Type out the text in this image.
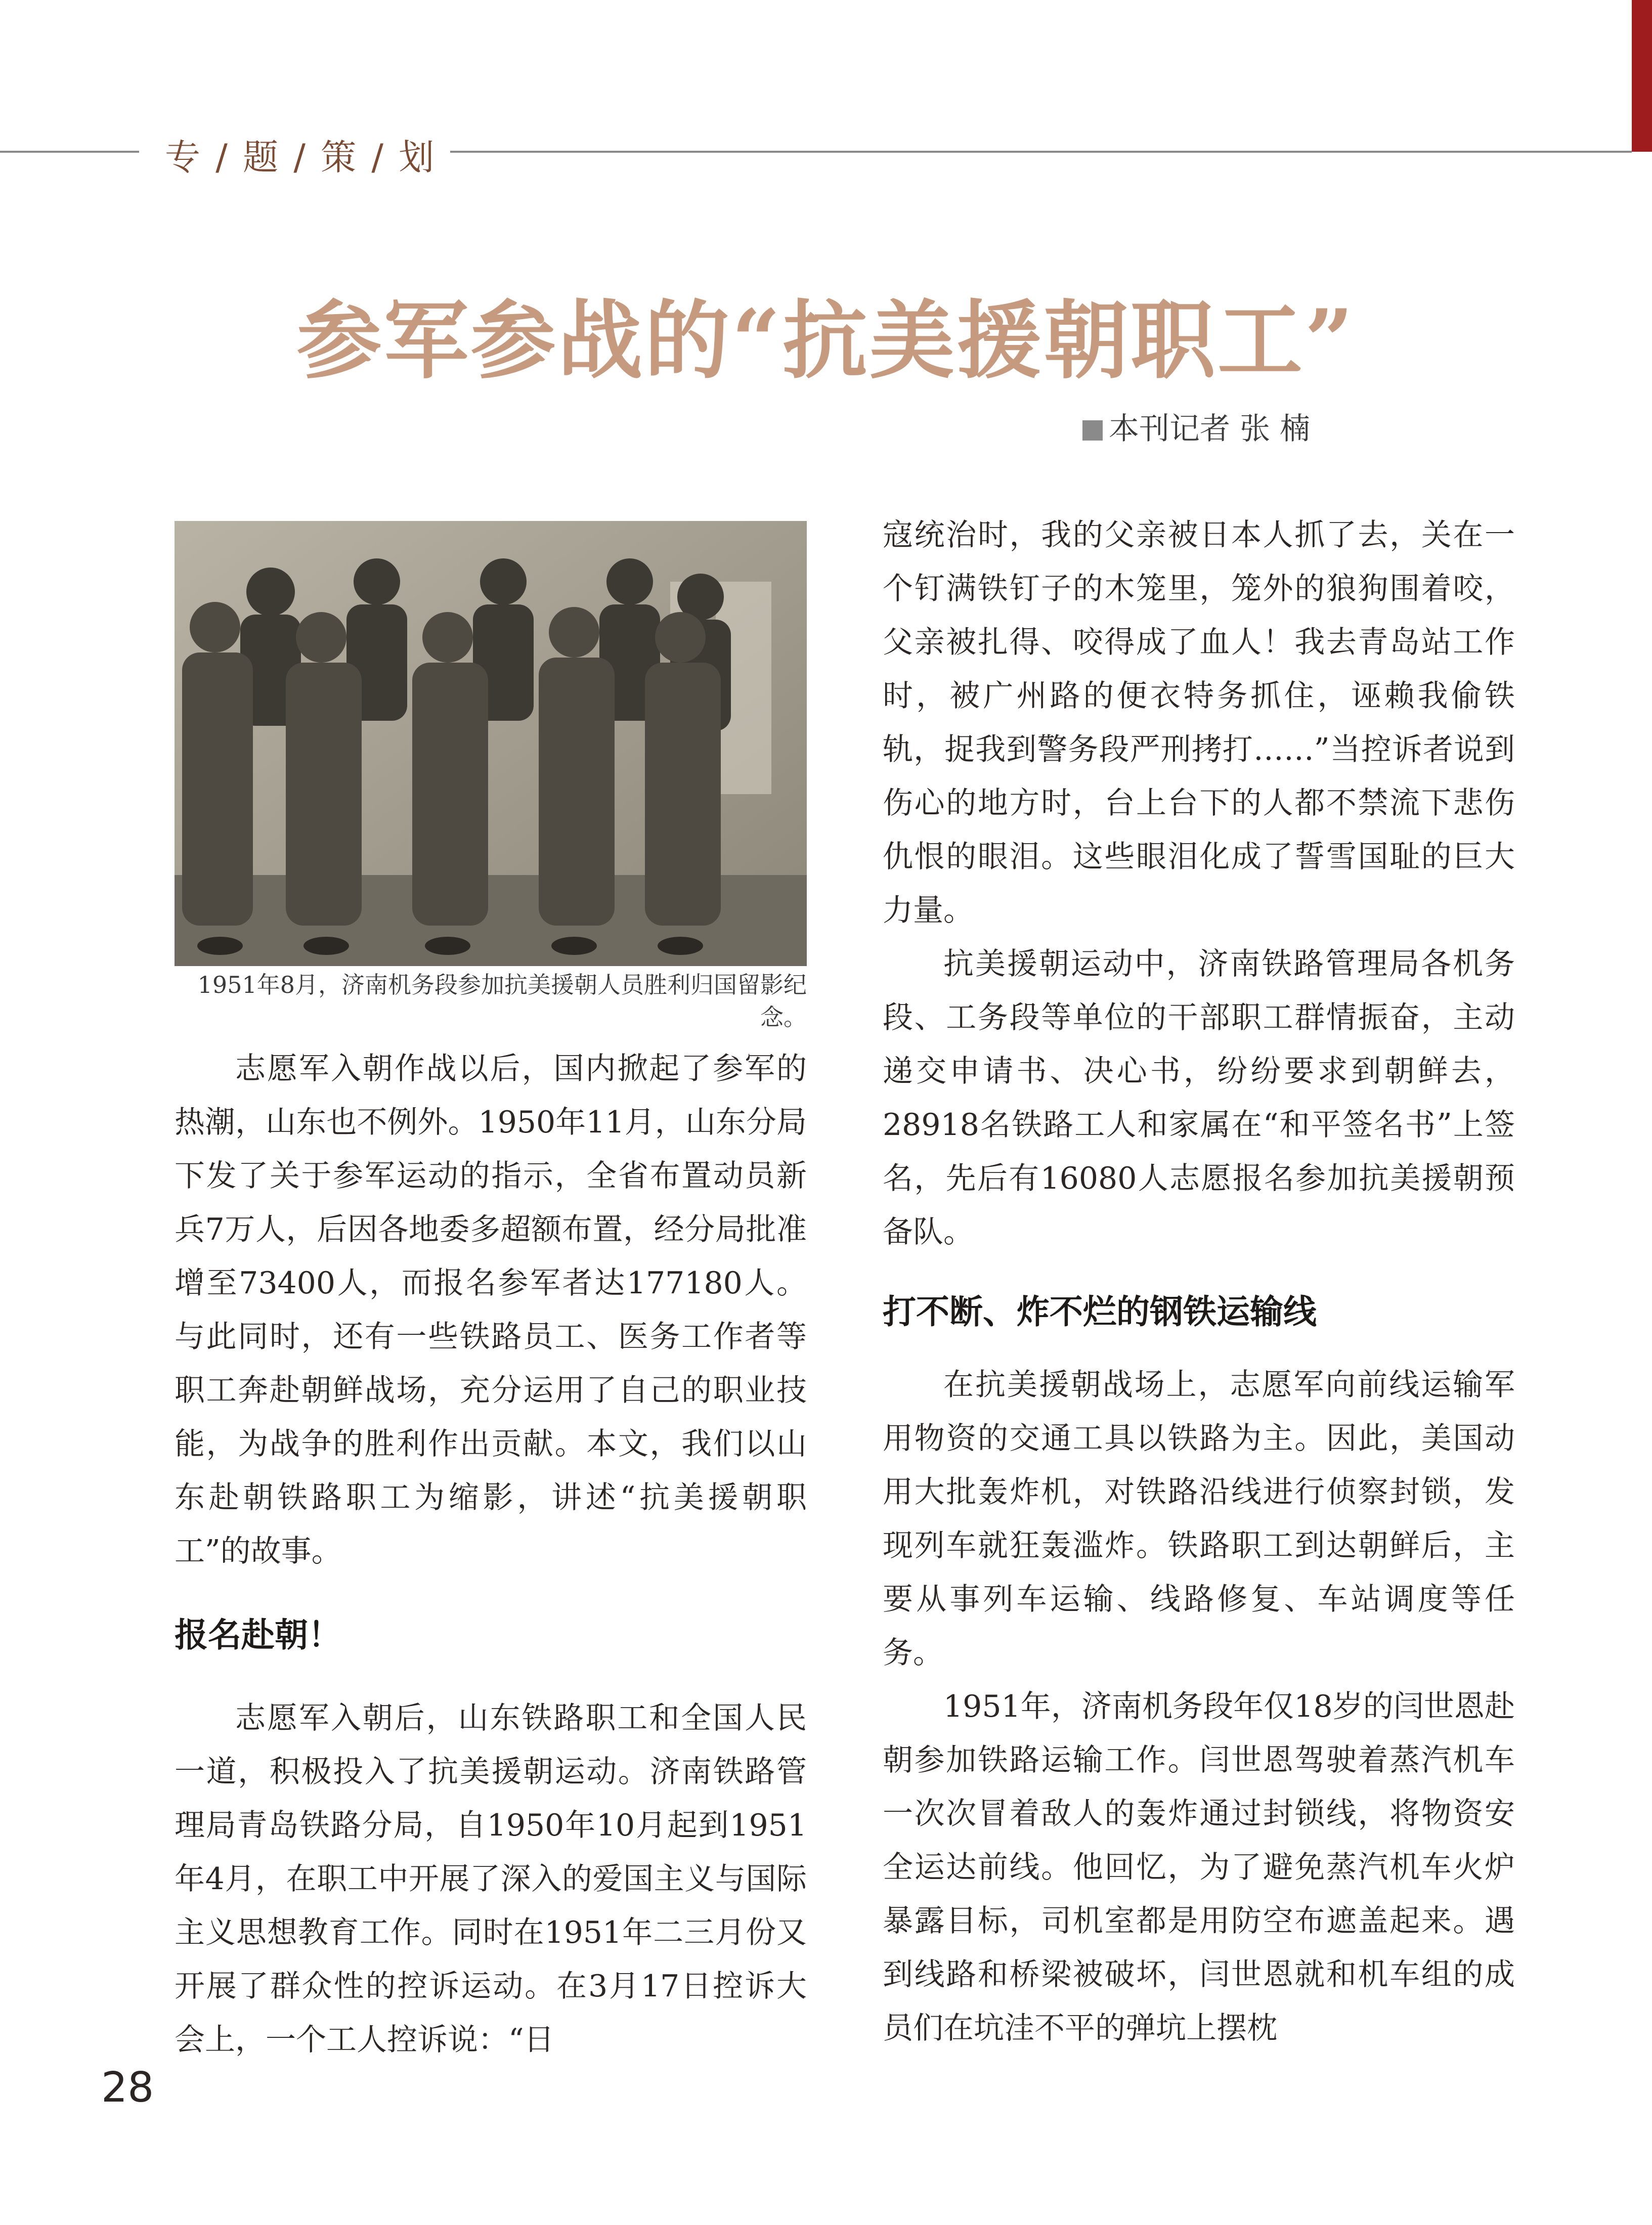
专 / 题 / 策 / 划
参军参战的“抗美援朝职工”
本刊记者 张 楠
1951年8月，济南机务段参加抗美援朝人员胜利归国留影纪念。

志愿军入朝作战以后，国内掀起了参军的热潮，山东也不例外。1950年11月，山东分局下发了关于参军运动的指示，全省布置动员新兵7万人，后因各地委多超额布置，经分局批准增至73400人，而报名参军者达177180人。与此同时，还有一些铁路员工、医务工作者等职工奔赴朝鲜战场，充分运用了自己的职业技能，为战争的胜利作出贡献。本文，我们以山东赴朝铁路职工为缩影，讲述“抗美援朝职工”的故事。

报名赴朝！

志愿军入朝后，山东铁路职工和全国人民一道，积极投入了抗美援朝运动。济南铁路管理局青岛铁路分局，自1950年10月起到1951年4月，在职工中开展了深入的爱国主义与国际主义思想教育工作。同时在1951年二三月份又开展了群众性的控诉运动。在3月17日控诉大会上，一个工人控诉说：“日

寇统治时，我的父亲被日本人抓了去，关在一个钉满铁钉子的木笼里，笼外的狼狗围着咬，父亲被扎得、咬得成了血人！我去青岛站工作时，被广州路的便衣特务抓住，诬赖我偷铁轨，捉我到警务段严刑拷打……”当控诉者说到伤心的地方时，台上台下的人都不禁流下悲伤仇恨的眼泪。这些眼泪化成了誓雪国耻的巨大力量。

抗美援朝运动中，济南铁路管理局各机务段、工务段等单位的干部职工群情振奋，主动递交申请书、决心书，纷纷要求到朝鲜去，28918名铁路工人和家属在“和平签名书”上签名，先后有16080人志愿报名参加抗美援朝预备队。

打不断、炸不烂的钢铁运输线

在抗美援朝战场上，志愿军向前线运输军用物资的交通工具以铁路为主。因此，美国动用大批轰炸机，对铁路沿线进行侦察封锁，发现列车就狂轰滥炸。铁路职工到达朝鲜后，主要从事列车运输、线路修复、车站调度等任务。

1951年，济南机务段年仅18岁的闫世恩赴朝参加铁路运输工作。闫世恩驾驶着蒸汽机车一次次冒着敌人的轰炸通过封锁线，将物资安全运达前线。他回忆，为了避免蒸汽机车火炉暴露目标，司机室都是用防空布遮盖起来。遇到线路和桥梁被破坏，闫世恩就和机车组的成员们在坑洼不平的弹坑上摆枕

28
